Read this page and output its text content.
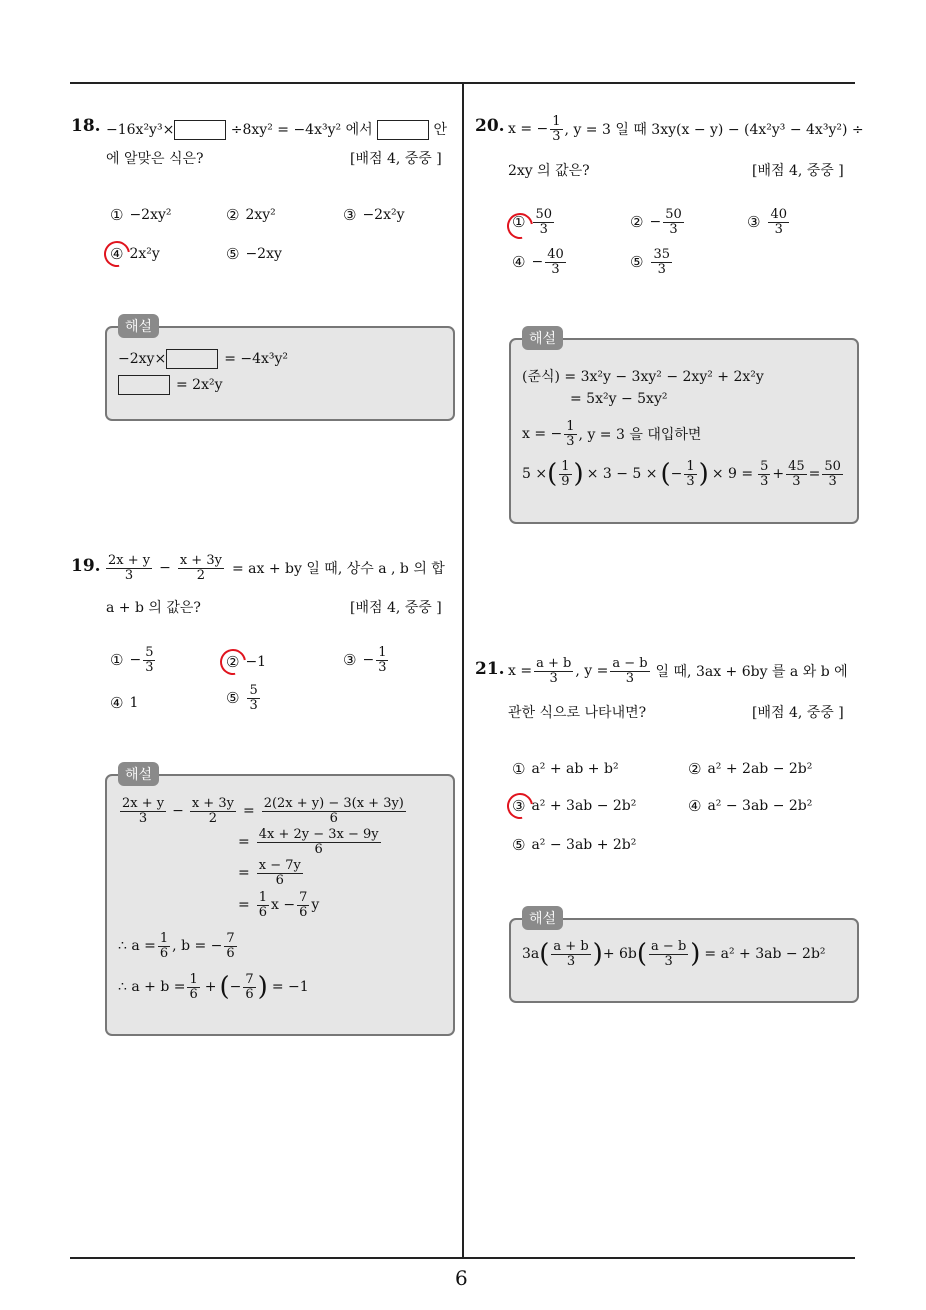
6
18. −16x²y³×	÷8xy² = −4x³y² 에서	안
에 알맞은 식은?	[배점 4, 중중 ]
① −2xy²	② 2xy²	③ −2x²y
④ 2x²y	⑤ −2xy
해설
−2xy×	= −4x³y²
= 2x²y
19. $\frac{2x + y}{3} - \frac{x + 3y}{2}$ = ax + by 일 때, 상수 a , b 의 합
a + b 의 값은?	[배점 4, 중중 ]
① − $\frac{5}{3}$	② −1	③ − $\frac{1}{3}$
④ 1	⑤ $\frac{5}{3}$
해설
$\frac{2x + y}{3} - \frac{x + 3y}{2} = \frac{2(2x + y) - 3(x + 3y)}{6}$
= $\frac{4x + 2y - 3x - 9y}{6}$
= $\frac{x - 7y}{6}$
= $\frac{1}{6}$ $x - \frac{7}{6}$ y
∴ $a = \frac{1}{6}$ , b = − $\frac{7}{6}$
∴ $a + b = \frac{1}{6}$ + ( − $\frac{7}{6}$ ) = −1
20. x = − $\frac{1}{3}$ , y = 3 일 때 3xy(x − y) − (4x²y³ − 4x³y²) ÷
2xy 의 값은?	[배점 4, 중중 ]
① $\frac{50}{3}$	② − $\frac{50}{3}$	③ $\frac{40}{3}$
④ − $\frac{40}{3}$	⑤ $\frac{35}{3}$
해설
(준식) = 3x²y − 3xy² − 2xy² + 2x²y
= 5x²y − 5xy²
x = − $\frac{1}{3}$ , y = 3 을 대입하면
5 × ( $\frac{1}{9}$ ) × 3 − 5 × ( − $\frac{1}{3}$ ) × $9 = \frac{5}{3} + \frac{45}{3} = \frac{50}{3}$
21. $x = \frac{a + b}{3}$ , $y = \frac{a - b}{3}$ 일 때, 3ax + 6by 를 a 와 b 에
관한 식으로 나타내면?	[배점 4, 중중 ]
① a² + ab + b²	② a² + 2ab − 2b²
③ a² + 3ab − 2b²	④ a² − 3ab − 2b²
⑤ a² − 3ab + 2b²
해설
3a ( $\frac{a + b}{3}$ ) + 6b ( $\frac{a - b}{3}$ ) = a² + 3ab − 2b²
